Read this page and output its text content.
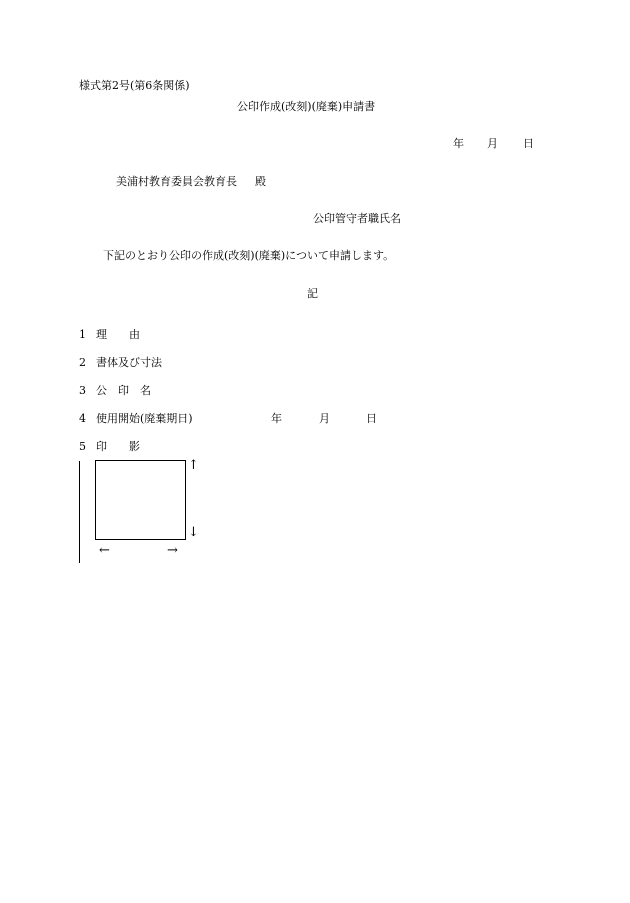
様式第2号(第6条関係)
公印作成(改刻)(廃棄)申請書
年 月 日
美浦村教育委員会教育長 殿
公印管守者職氏名
下記のとおり公印の作成(改刻)(廃棄)について申請します。
記
1 理　　由
2 書体及び寸法
3 公　印　名
4 使用開始(廃棄期日)	年	月	日
5 印　　影
↑
↓
←	→
